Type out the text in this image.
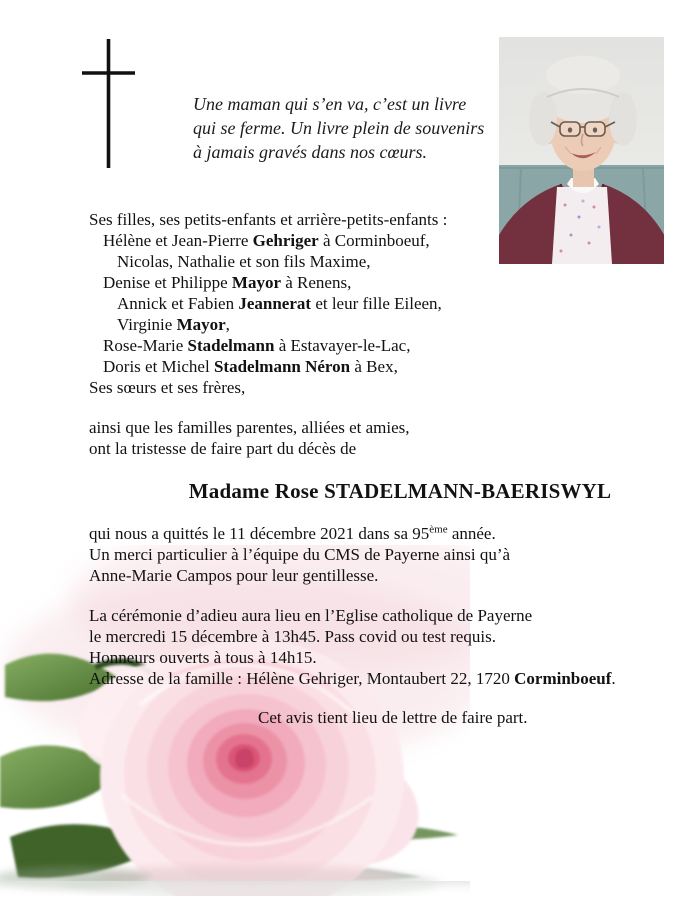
Une maman qui s’en va, c’est un livre
qui se ferme. Un livre plein de souvenirs
à jamais gravés dans nos cœurs.
Ses filles, ses petits-enfants et arrière-petits-enfants :
Hélène et Jean-Pierre Gehriger à Corminboeuf,
Nicolas, Nathalie et son fils Maxime,
Denise et Philippe Mayor à Renens,
Annick et Fabien Jeannerat et leur fille Eileen,
Virginie Mayor,
Rose-Marie Stadelmann à Estavayer-le-Lac,
Doris et Michel Stadelmann Néron à Bex,
Ses sœurs et ses frères,
ainsi que les familles parentes, alliées et amies,
ont la tristesse de faire part du décès de
Madame Rose STADELMANN-BAERISWYL
qui nous a quittés le 11 décembre 2021 dans sa 95ème année.
Un merci particulier à l’équipe du CMS de Payerne ainsi qu’à
Anne-Marie Campos pour leur gentillesse.
La cérémonie d’adieu aura lieu en l’Eglise catholique de Payerne
le mercredi 15 décembre à 13h45. Pass covid ou test requis.
Honneurs ouverts à tous à 14h15.
Adresse de la famille : Hélène Gehriger, Montaubert 22, 1720 Corminboeuf.
Cet avis tient lieu de lettre de faire part.
